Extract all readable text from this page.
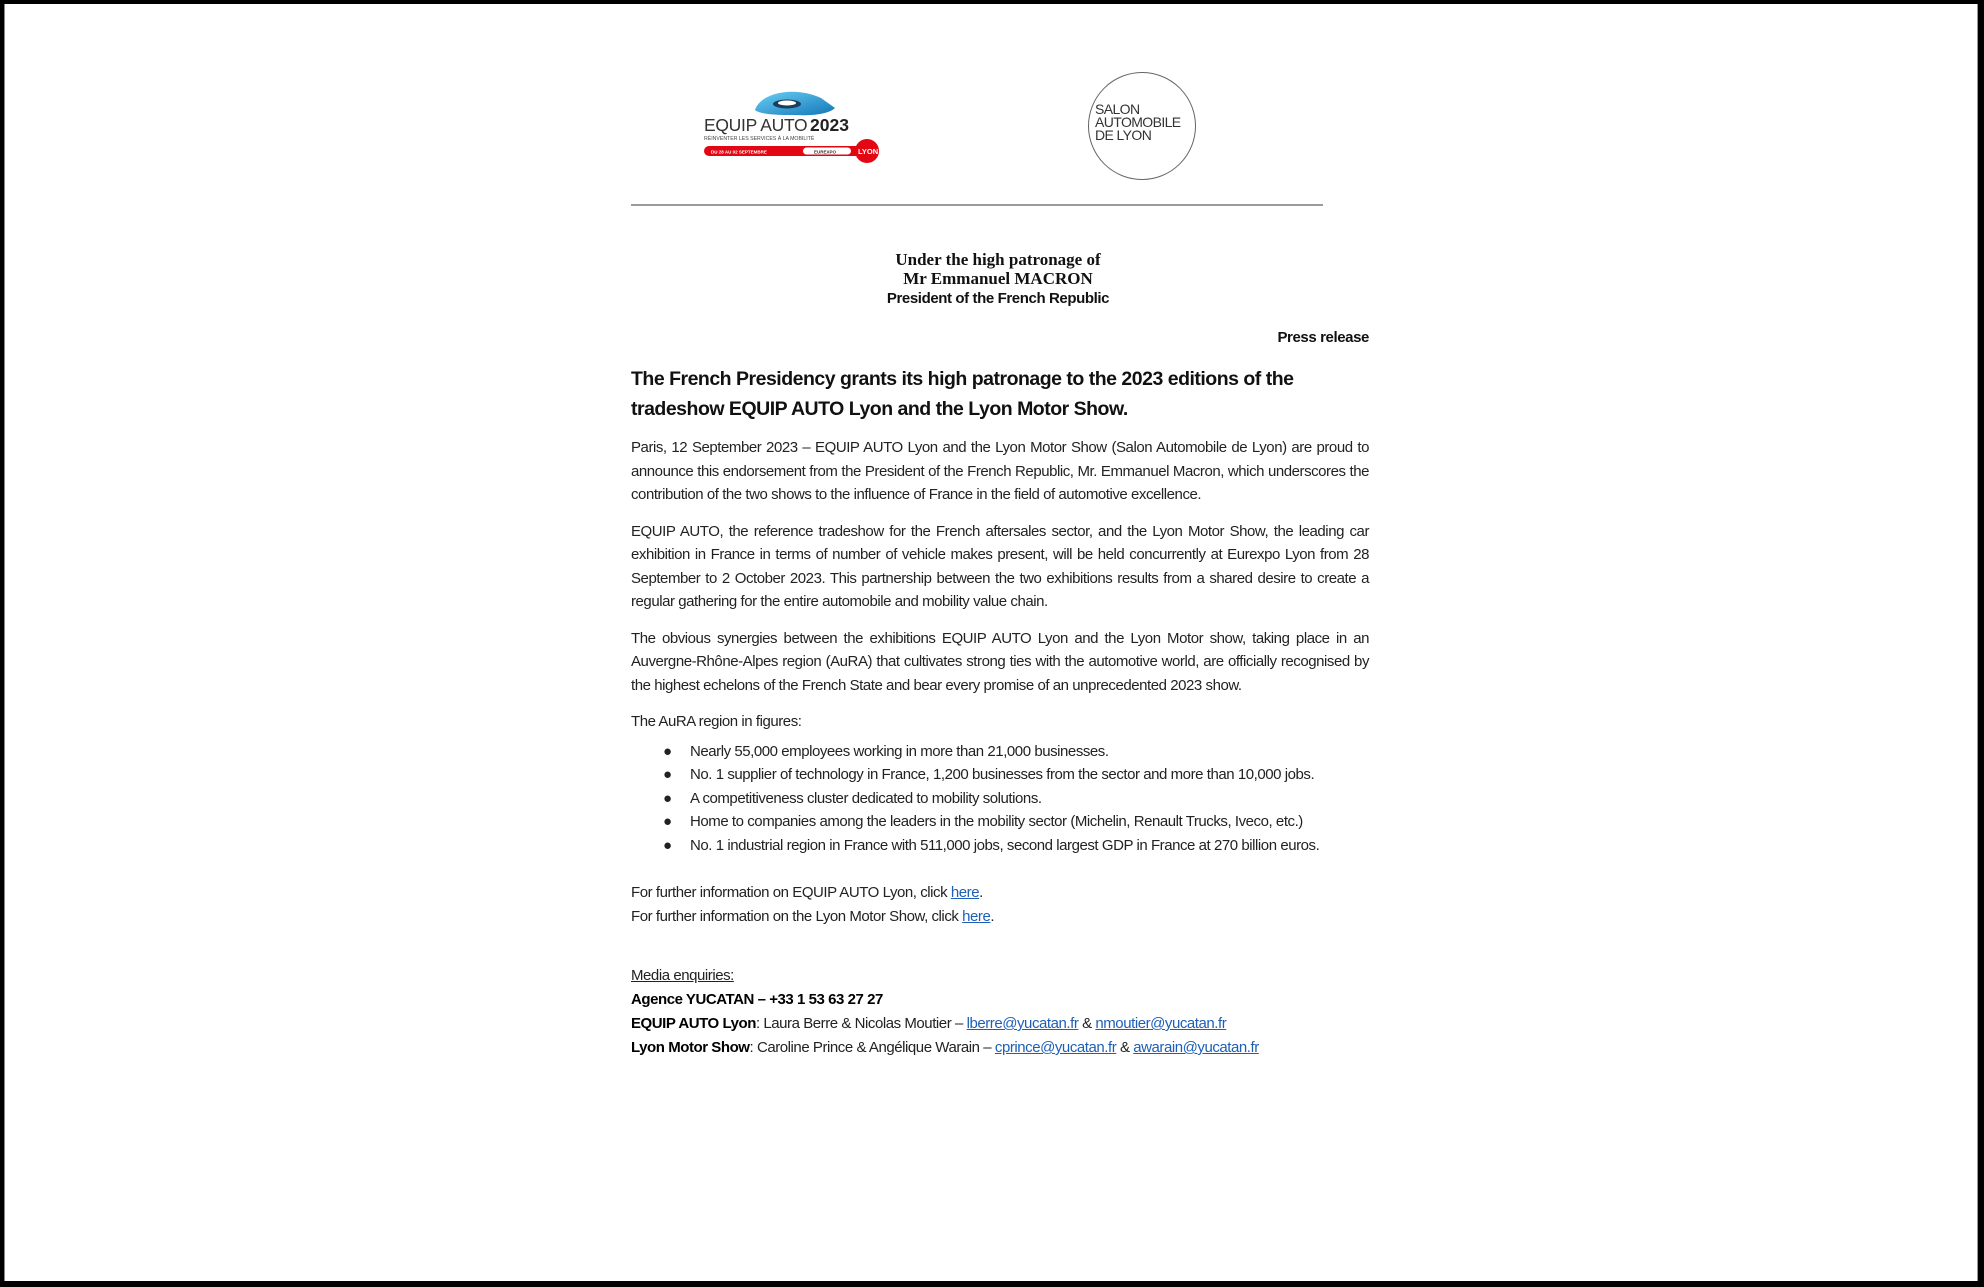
EQUIP AUTO 2023
RÉINVENTER LES SERVICES À LA MOBILITÉ
DU 28 AU 02 SEPTEMBRE	EUREXPO	LYON
SALON
AUTOMOBILE
DE LYON
Under the high patronage of
Mr Emmanuel MACRON
President of the French Republic
Press release
The French Presidency grants its high patronage to the 2023 editions of the tradeshow EQUIP AUTO Lyon and the Lyon Motor Show.

Paris, 12 September 2023 – EQUIP AUTO Lyon and the Lyon Motor Show (Salon Automobile de Lyon) are proud to announce this endorsement from the President of the French Republic, Mr. Emmanuel Macron, which underscores the contribution of the two shows to the influence of France in the field of automotive excellence.

EQUIP AUTO, the reference tradeshow for the French aftersales sector, and the Lyon Motor Show, the leading car exhibition in France in terms of number of vehicle makes present, will be held concurrently at Eurexpo Lyon from 28 September to 2 October 2023. This partnership between the two exhibitions results from a shared desire to create a regular gathering for the entire automobile and mobility value chain.

The obvious synergies between the exhibitions EQUIP AUTO Lyon and the Lyon Motor show, taking place in an Auvergne-Rhône-Alpes region (AuRA) that cultivates strong ties with the automotive world, are officially recognised by the highest echelons of the French State and bear every promise of an unprecedented 2023 show.

The AuRA region in figures:

● Nearly 55,000 employees working in more than 21,000 businesses.
● No. 1 supplier of technology in France, 1,200 businesses from the sector and more than 10,000 jobs.
● A competitiveness cluster dedicated to mobility solutions.
● Home to companies among the leaders in the mobility sector (Michelin, Renault Trucks, Iveco, etc.)
● No. 1 industrial region in France with 511,000 jobs, second largest GDP in France at 270 billion euros.
For further information on EQUIP AUTO Lyon, click here.
For further information on the Lyon Motor Show, click here.
Media enquiries:
Agence YUCATAN – +33 1 53 63 27 27
EQUIP AUTO Lyon: Laura Berre & Nicolas Moutier – lberre@yucatan.fr & nmoutier@yucatan.fr
Lyon Motor Show: Caroline Prince & Angélique Warain – cprince@yucatan.fr & awarain@yucatan.fr
